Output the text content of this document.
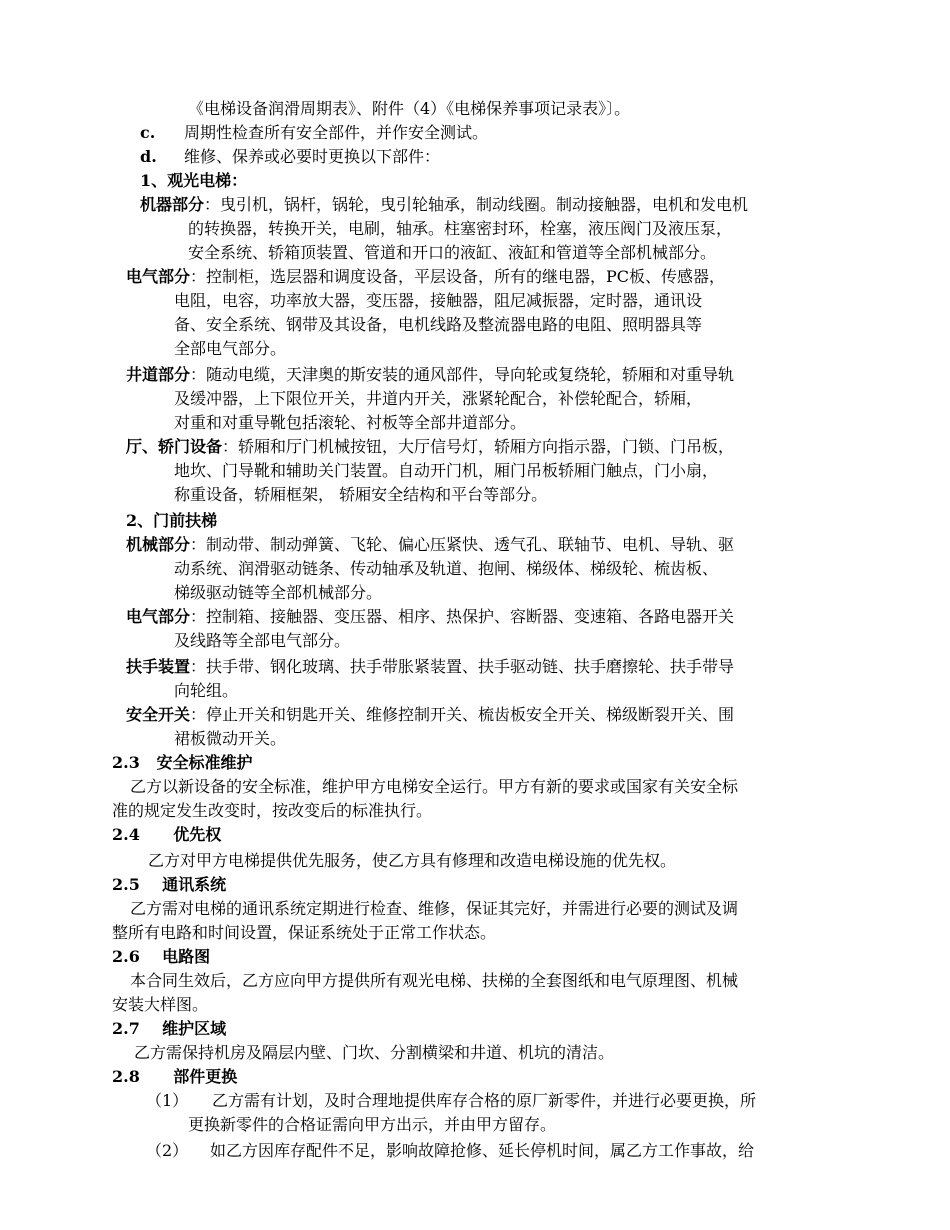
《电梯设备润滑周期表》、附件（4）《电梯保养事项记录表》〕。
c. 周期性检查所有安全部件，并作安全测试。
d. 维修、保养或必要时更换以下部件：
1、观光电梯：
机器部分：曳引机，锅杆，锅轮，曳引轮轴承，制动线圈。制动接触器，电机和发电机
的转换器，转换开关，电刷，轴承。柱塞密封环，栓塞，液压阀门及液压泵，
安全系统、轿箱顶装置、管道和开口的液缸、液缸和管道等全部机械部分。
电气部分：控制柜，选层器和调度设备，平层设备，所有的继电器，PC板、传感器，
电阻，电容，功率放大器，变压器，接触器，阻尼减振器，定时器，通讯设
备、安全系统、钢带及其设备，电机线路及整流器电路的电阻、照明器具等
全部电气部分。
井道部分：随动电缆，天津奥的斯安装的通风部件，导向轮或复绕轮，轿厢和对重导轨
及缓冲器，上下限位开关，井道内开关，涨紧轮配合，补偿轮配合，轿厢，
对重和对重导靴包括滚轮、衬板等全部井道部分。
厅、轿门设备：轿厢和厅门机械按钮，大厅信号灯，轿厢方向指示器，门锁、门吊板，
地坎、门导靴和辅助关门装置。自动开门机，厢门吊板轿厢门触点，门小扇，
称重设备，轿厢框架， 轿厢安全结构和平台等部分。
2、门前扶梯
机械部分：制动带、制动弹簧、飞轮、偏心压紧快、透气孔、联轴节、电机、导轨、驱
动系统、润滑驱动链条、传动轴承及轨道、抱闸、梯级体、梯级轮、梳齿板、
梯级驱动链等全部机械部分。
电气部分：控制箱、接触器、变压器、相序、热保护、容断器、变速箱、各路电器开关
及线路等全部电气部分。
扶手装置：扶手带、钢化玻璃、扶手带胀紧装置、扶手驱动链、扶手磨擦轮、扶手带导
向轮组。
安全开关：停止开关和钥匙开关、维修控制开关、梳齿板安全开关、梯级断裂开关、围
裙板微动开关。
2.3   安全标准维护
乙方以新设备的安全标准，维护甲方电梯安全运行。甲方有新的要求或国家有关安全标
准的规定发生改变时，按改变后的标准执行。
2.4      优先权
乙方对甲方电梯提供优先服务，使乙方具有修理和改造电梯设施的优先权。
2.5    通讯系统
乙方需对电梯的通讯系统定期进行检查、维修，保证其完好，并需进行必要的测试及调
整所有电路和时间设置，保证系统处于正常工作状态。
2.6    电路图
本合同生效后，乙方应向甲方提供所有观光电梯、扶梯的全套图纸和电气原理图、机械
安装大样图。
2.7    维护区域
乙方需保持机房及隔层内壁、门坎、分割横梁和井道、机坑的清洁。
2.8      部件更换
（1） 乙方需有计划，及时合理地提供库存合格的原厂新零件，并进行必要更换，所
更换新零件的合格证需向甲方出示，并由甲方留存。
（2） 如乙方因库存配件不足，影响故障抢修、延长停机时间，属乙方工作事故，给
